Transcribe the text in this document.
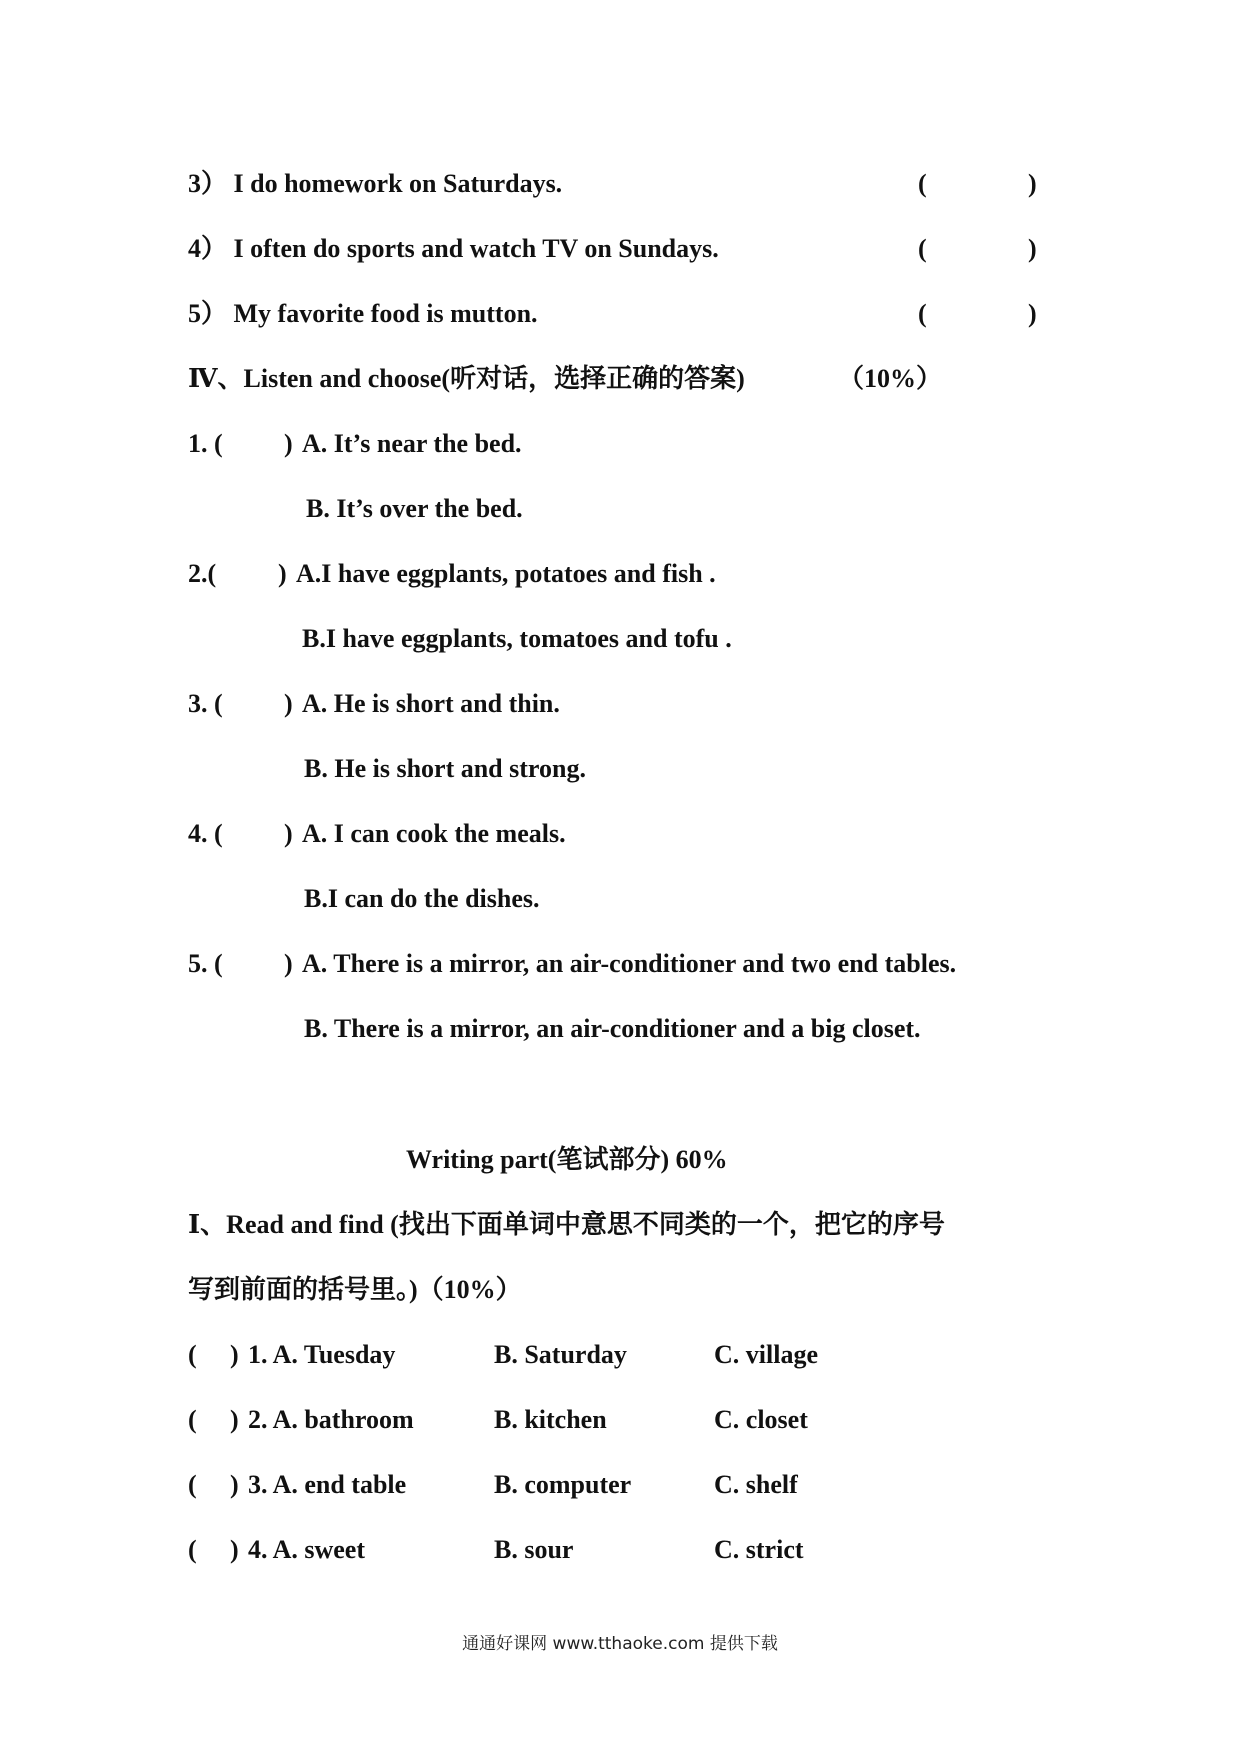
3） I do homework on Saturdays.	(	)
4） I often do sports and watch TV on Sundays.	(	)
5） My favorite food is mutton.	(	)
Ⅳ、Listen and choose(听对话，选择正确的答案)	（10%）
1. ( ) A. It’s near the bed.
B. It’s over the bed.
2.( ) A.I have eggplants, potatoes and fish .
B.I have eggplants, tomatoes and tofu .
3. ( ) A. He is short and thin.
B. He is short and strong.
4. ( ) A. I can cook the meals.
B.I can do the dishes.
5. ( ) A. There is a mirror, an air-conditioner and two end tables.
B. There is a mirror, an air-conditioner and a big closet.
Writing part(笔试部分) 60%
Ⅰ、Read and find (找出下面单词中意思不同类的一个，把它的序号
写到前面的括号里。)（10%）
( ) 1. A. Tuesday	B. Saturday	C. village
( ) 2. A. bathroom	B. kitchen	C. closet
( ) 3. A. end table	B. computer	C. shelf
( ) 4. A. sweet	B. sour	C. strict
通通好课网 www.tthaoke.com 提供下载
